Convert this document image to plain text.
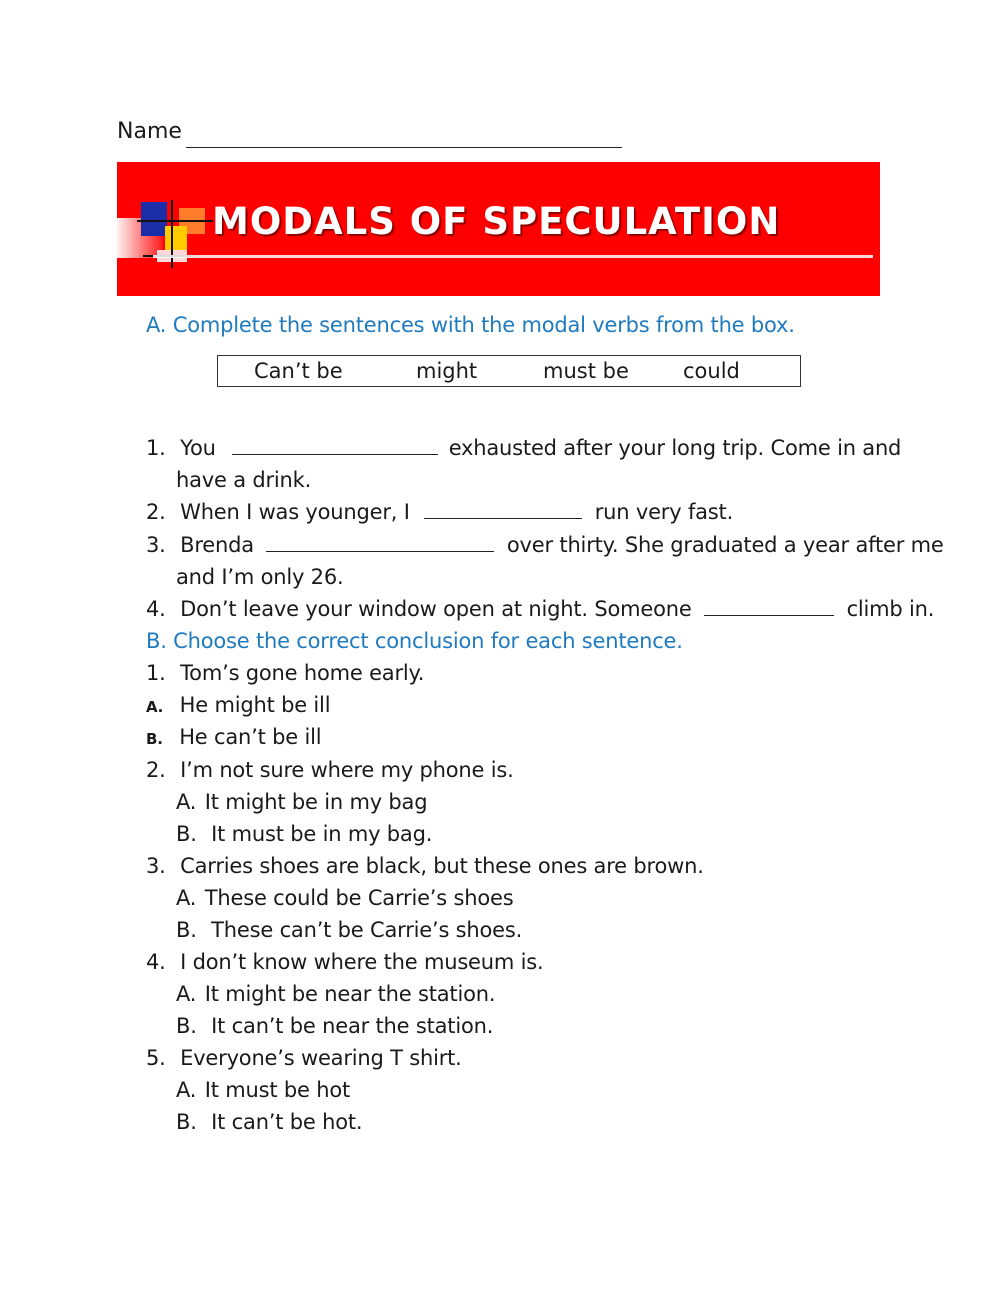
Name
MODALS OF SPECULATION
A. Complete the sentences with the modal verbs from the box.
Can’t be	might	must be	could
1. You	exhausted after your long trip. Come in and
have a drink.
2. When I was younger, I	run very fast.
3. Brenda	over thirty. She graduated a year after me
and I’m only 26.
4. Don’t leave your window open at night. Someone	climb in.
B. Choose the correct conclusion for each sentence.
1. Tom’s gone home early.
A. He might be ill
B. He can’t be ill
2. I’m not sure where my phone is.
A. It might be in my bag
B. It must be in my bag.
3. Carries shoes are black, but these ones are brown.
A. These could be Carrie’s shoes
B. These can’t be Carrie’s shoes.
4. I don’t know where the museum is.
A. It might be near the station.
B. It can’t be near the station.
5. Everyone’s wearing T shirt.
A. It must be hot
B. It can’t be hot.
